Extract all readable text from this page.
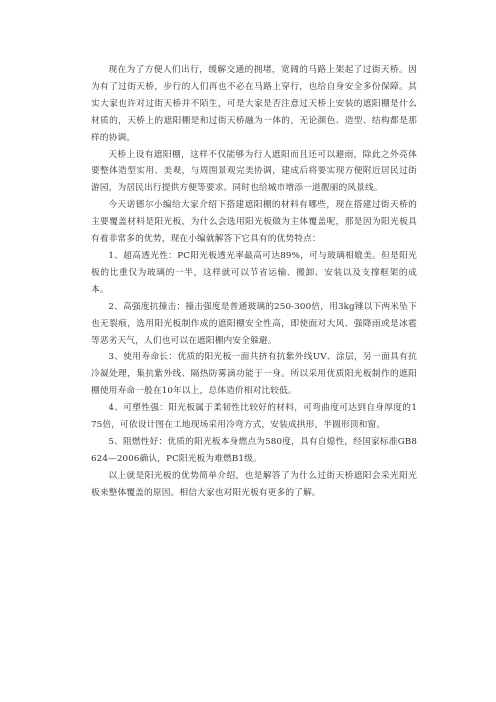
现在为了方便人们出行，缓解交通的拥堵，宽阔的马路上架起了过街天桥。因为有了过街天桥，步行的人们再也不必在马路上穿行，也给自身安全多份保障。其实大家也许对过街天桥并不陌生，可是大家是否注意过天桥上安装的遮阳棚是什么材质的，天桥上的遮阳棚是和过街天桥融为一体的，无论颜色、造型、结构都是那样的协调。

天桥上设有遮阳棚，这样不仅能够为行人遮阳而且还可以避雨，除此之外亮体要整体造型实用、美观，与周围景观完美协调，建成后将要实现方便附近居民过街游园，为居民出行提供方便等要求。同时也给城市增添一道靓丽的风景线。

今天诺德尔小编给大家介绍下搭建遮阳棚的材料有哪些，现在搭建过街天桥的主要覆盖材料是阳光板，为什么会选用阳光板做为主体覆盖呢，那是因为阳光板具有着非常多的优势，现在小编就解答下它具有的优势特点：

1、超高透光性：PC阳光板透光率最高可达89%，可与玻璃相媲美。但是阳光板的比重仅为玻璃的一半，这样就可以节省运输、搬卸、安装以及支撑框架的成本。

2、高强度抗撞击：撞击强度是普通玻璃的250-300倍，用3kg锤以下两米坠下也无裂痕，选用阳光板制作成的遮阳棚安全性高，即使面对大风、强降雨或是冰雹等恶劣天气，人们也可以在遮阳棚内安全躲避。

3、使用寿命长：优质的阳光板一面共挤有抗紫外线UV、涂层，另一面具有抗冷凝处理，集抗紫外线、隔热防雾滴功能于一身。所以采用优质阳光板制作的遮阳棚使用寿命一般在10年以上，总体造价相对比较低。

4、可塑性强：阳光板属于柔韧性比较好的材料，可弯曲度可达到自身厚度的175倍，可依设计图在工地现场采用冷弯方式，安装成拱形，半圆形顶和窗。

5、阻燃性好：优质的阳光板本身燃点为580度，具有自熄性，经国家标准GB8624—2006确认，PC阳光板为难燃B1级。

以上就是阳光板的优势简单介绍，也是解答了为什么过街天桥遮阳会采光阳光板来整体覆盖的原因。相信大家也对阳光板有更多的了解。
